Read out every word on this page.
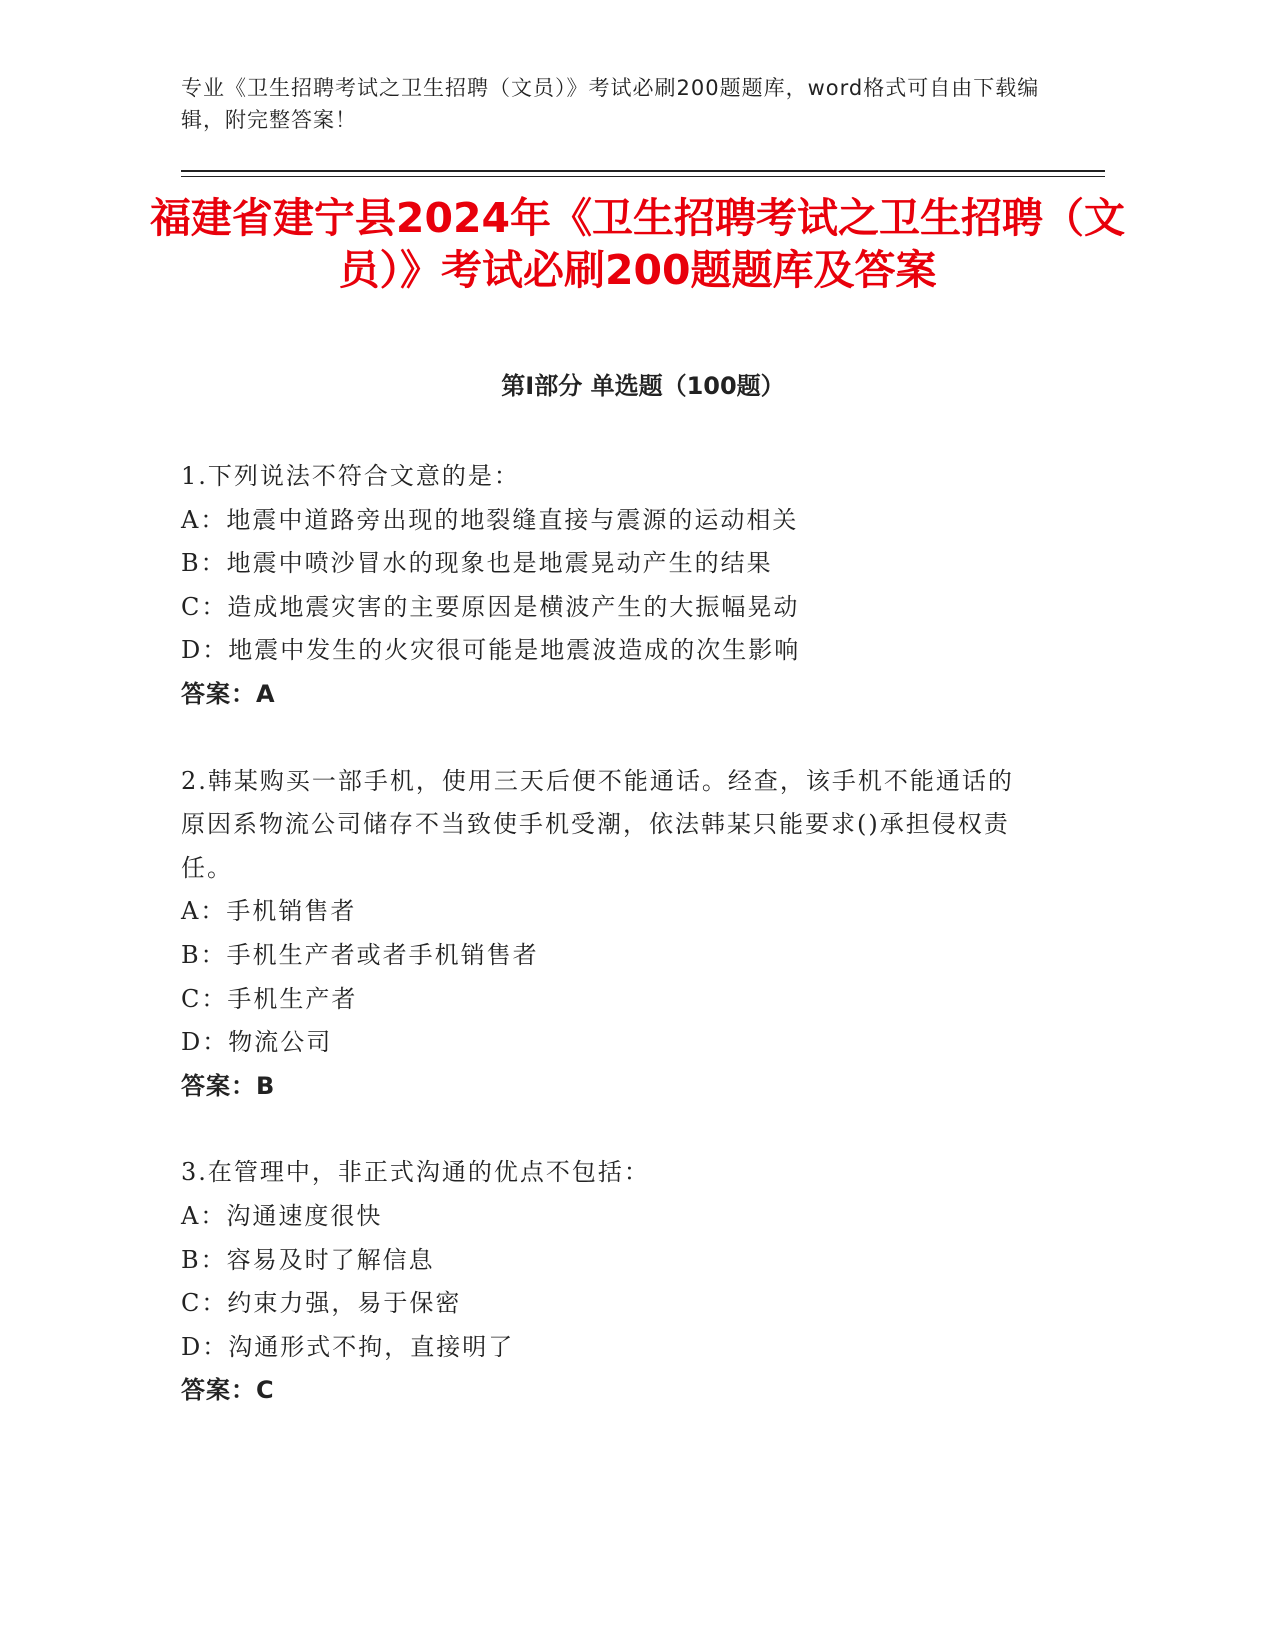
专业《卫生招聘考试之卫生招聘（文员）》考试必刷200题题库，word格式可自由下载编辑，附完整答案！
福建省建宁县2024年《卫生招聘考试之卫生招聘（文员）》考试必刷200题题库及答案
第Ⅰ部分 单选题（100题）
1.下列说法不符合文意的是：
A：地震中道路旁出现的地裂缝直接与震源的运动相关
B：地震中喷沙冒水的现象也是地震晃动产生的结果
C：造成地震灾害的主要原因是横波产生的大振幅晃动
D：地震中发生的火灾很可能是地震波造成的次生影响
答案：A
2.韩某购买一部手机，使用三天后便不能通话。经查，该手机不能通话的原因系物流公司储存不当致使手机受潮，依法韩某只能要求()承担侵权责任。
A：手机销售者
B：手机生产者或者手机销售者
C：手机生产者
D：物流公司
答案：B
3.在管理中，非正式沟通的优点不包括：
A：沟通速度很快
B：容易及时了解信息
C：约束力强，易于保密
D：沟通形式不拘，直接明了
答案：C
